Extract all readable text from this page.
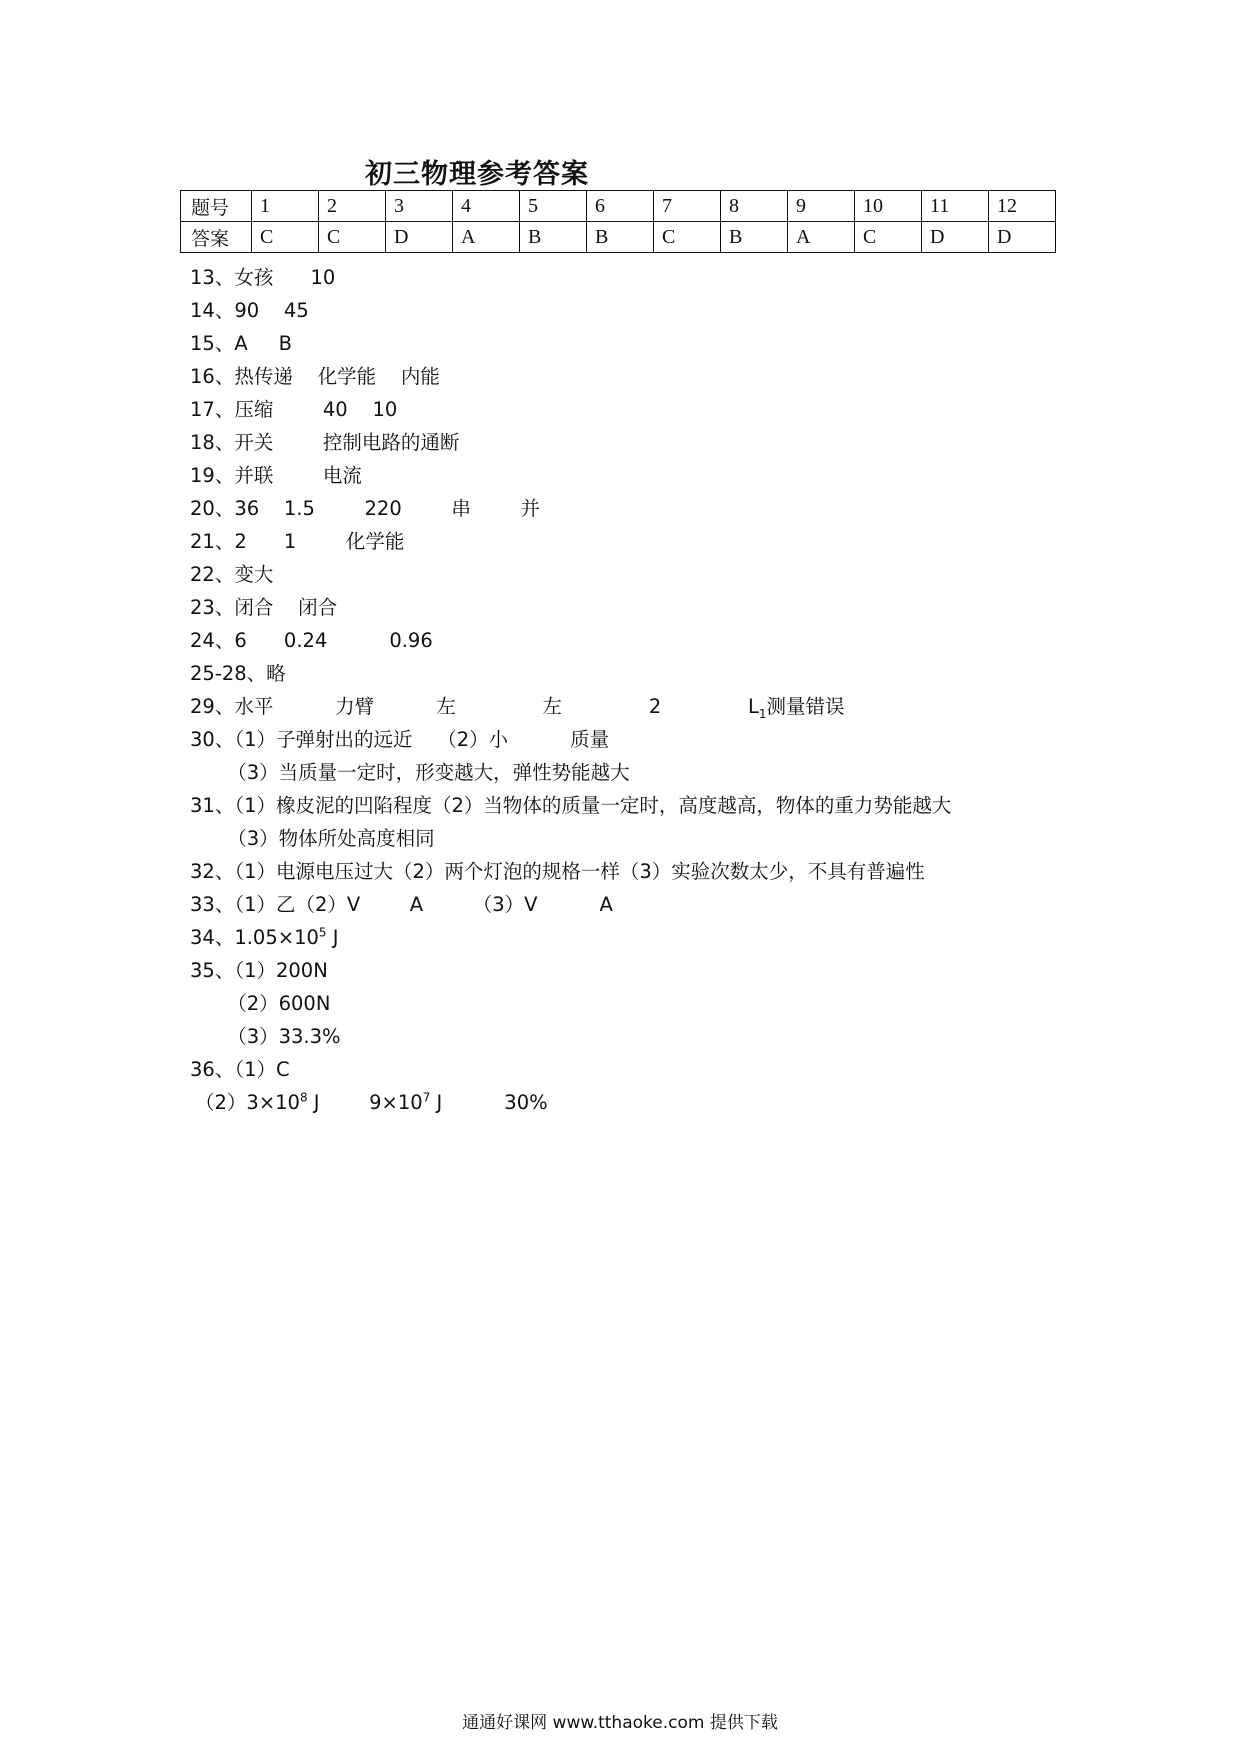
初三物理参考答案
题号	1	2	3	4	5	6	7	8	9	10	11	12
答案	C	C	D	A	B	B	C	B	A	C	D	D
13、女孩      10
14、90    45
15、A     B
16、热传递    化学能    内能
17、压缩        40    10
18、开关        控制电路的通断
19、并联        电流
20、36    1.5        220        串        并
21、2      1        化学能
22、变大
23、闭合    闭合
24、6      0.24          0.96
25-28、略
29、水平          力臂          左              左              2              $L_1$测量错误
30、（1）子弹射出的远近    （2）小          质量
（3）当质量一定时，形变越大，弹性势能越大
31、（1）橡皮泥的凹陷程度（2）当物体的质量一定时，高度越高，物体的重力势能越大
（3）物体所处高度相同
32、（1）电源电压过大（2）两个灯泡的规格一样（3）实验次数太少，不具有普遍性
33、（1）乙（2）V        A        （3）V          A
34、$1.05\times 10^5$ J
35、（1）200N
（2）600N
（3）33.3%
36、（1）C
$(2)3\times 10^8$ J        $9\times 10^7$ J          30%
通通好课网 www.tthaoke.com 提供下载
